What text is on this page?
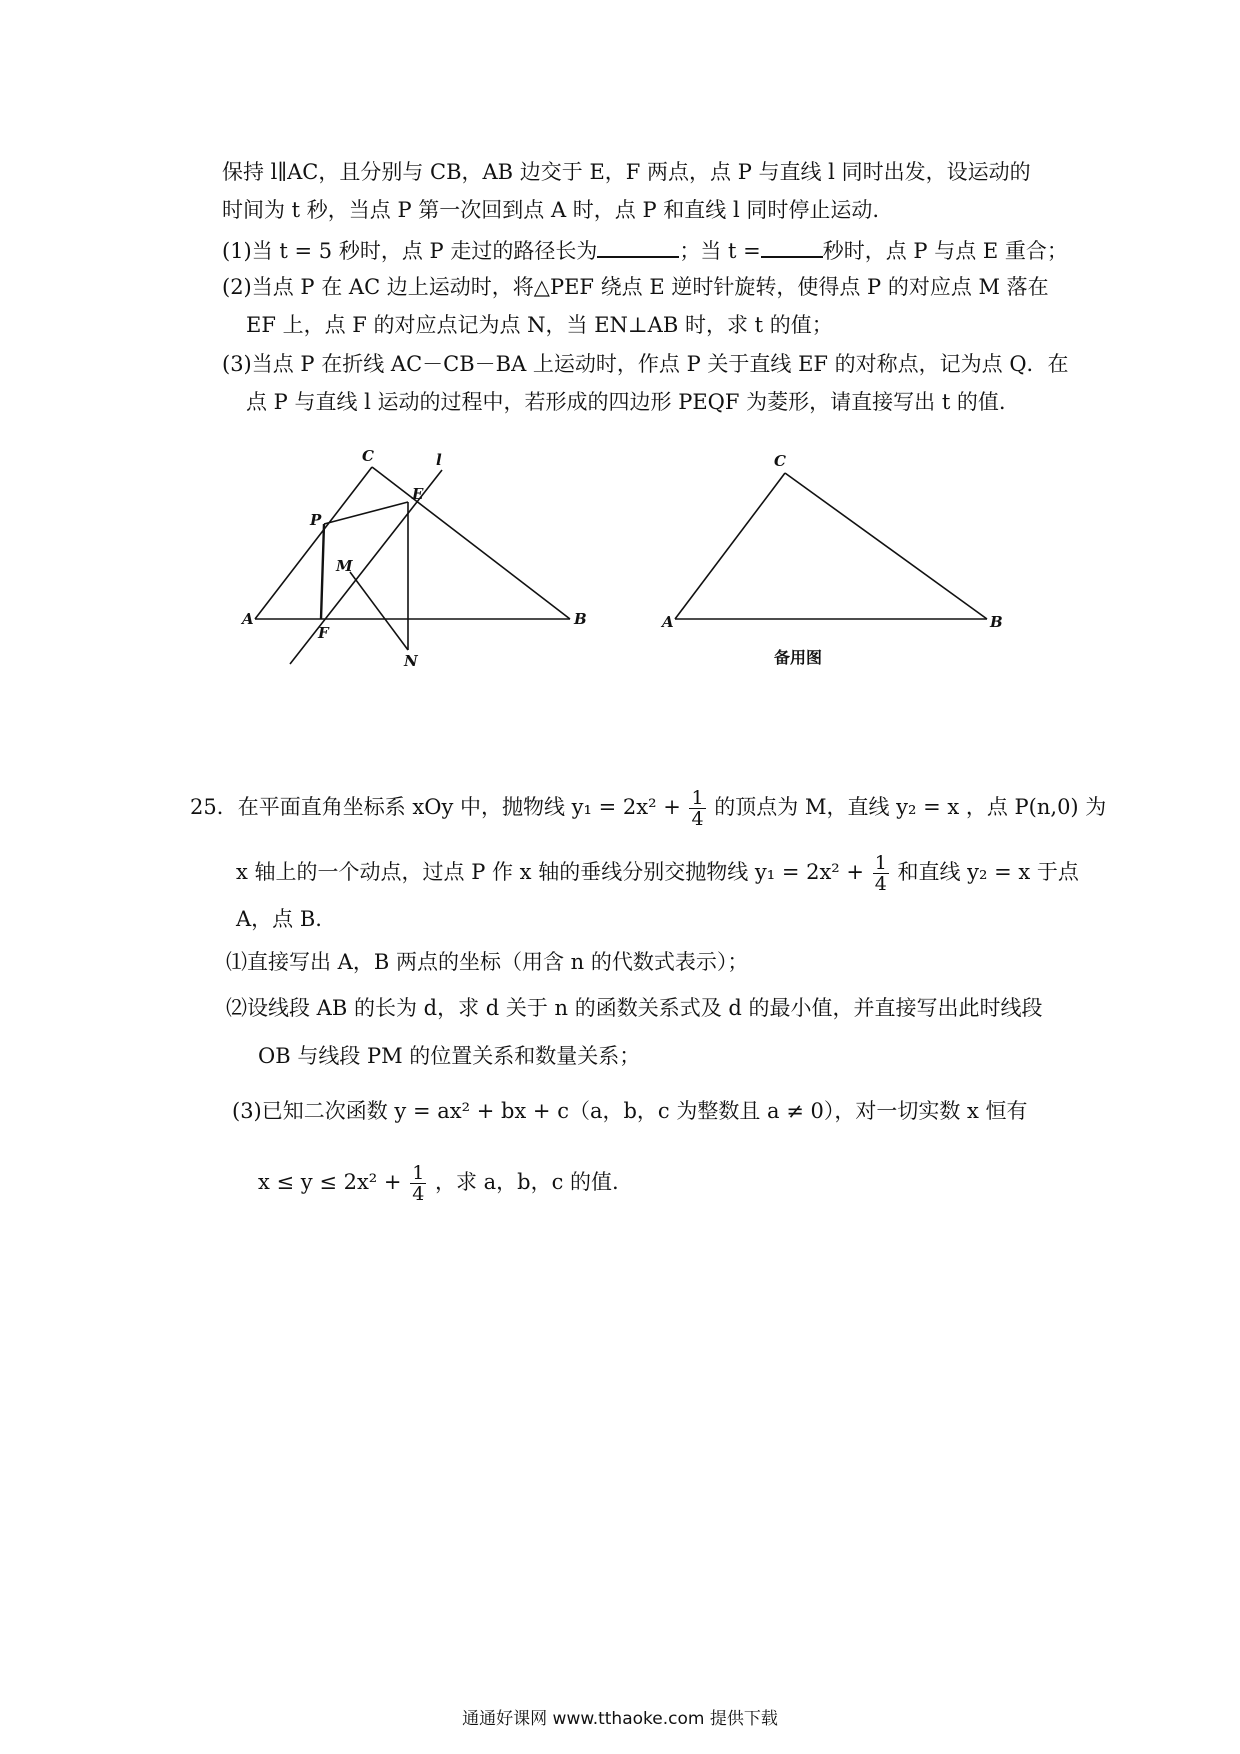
保持 l∥AC，且分别与 CB，AB 边交于 E，F 两点，点 P 与直线 l 同时出发，设运动的
时间为 t 秒，当点 P 第一次回到点 A 时，点 P 和直线 l 同时停止运动.
(1)当 t = 5 秒时，点 P 走过的路径长为	；当 t =	秒时，点 P 与点 E 重合；
(2)当点 P 在 AC 边上运动时，将△PEF 绕点 E 逆时针旋转，使得点 P 的对应点 M 落在
EF 上，点 F 的对应点记为点 N，当 EN⊥AB 时，求 t 的值；
(3)当点 P 在折线 AC－CB－BA 上运动时，作点 P 关于直线 EF 的对称点，记为点 Q．在
点 P 与直线 l 运动的过程中，若形成的四边形 PEQF 为菱形，请直接写出 t 的值.
C	l
E
P
M
A
F
B
N
C
A	B
备用图
25．在平面直角坐标系 xOy 中，抛物线 $y_1 = 2x^2 + \frac{1}{4}$ 的顶点为 M，直线 y₂ = x ，点 P(n,0) 为
x 轴上的一个动点，过点 P 作 x 轴的垂线分别交抛物线 $y_1 = 2x^2 + \frac{1}{4}$ 和直线 y₂ = x 于点
A，点 B.
⑴直接写出 A，B 两点的坐标（用含 n 的代数式表示）；
⑵设线段 AB 的长为 d，求 d 关于 n 的函数关系式及 d 的最小值，并直接写出此时线段
OB 与线段 PM 的位置关系和数量关系；
(3)已知二次函数 y = ax² + bx + c（a，b，c 为整数且 a ≠ 0），对一切实数 x 恒有
$x \le y \le 2x^2 + \frac{1}{4}$ ，求 a，b，c 的值.
通通好课网 www.tthaoke.com 提供下载
